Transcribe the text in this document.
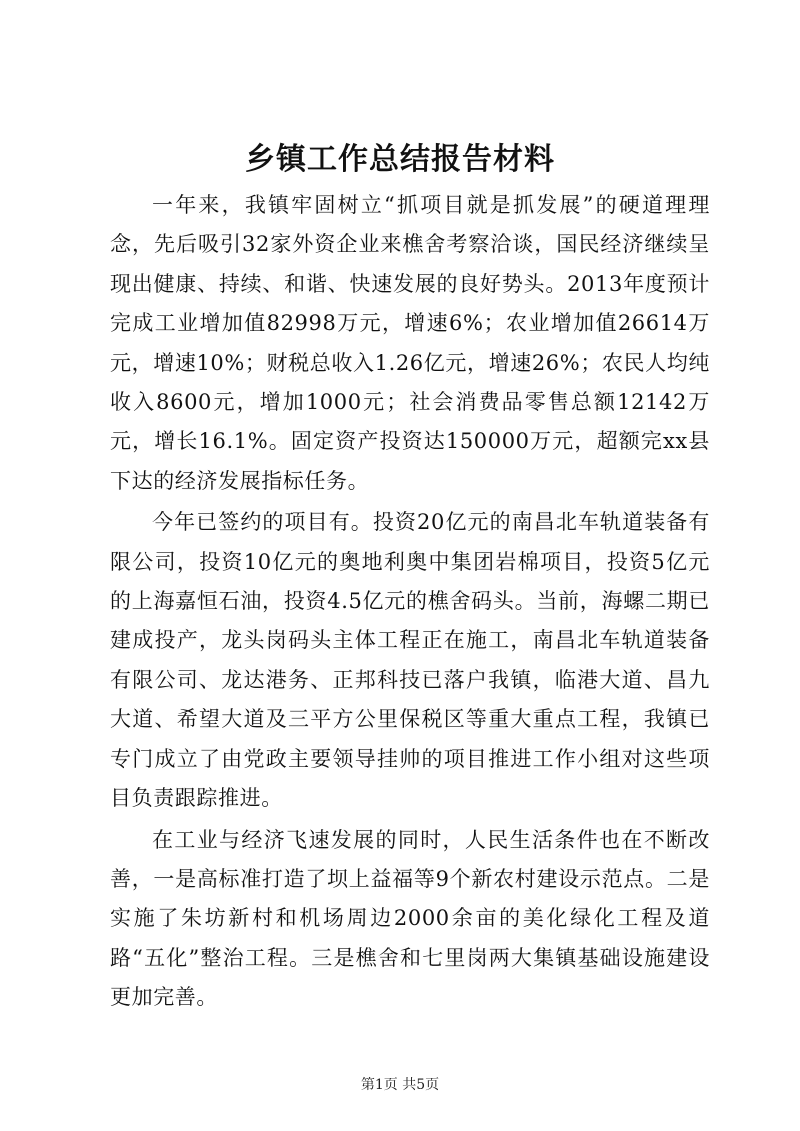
乡镇工作总结报告材料

一年来，我镇牢固树立“抓项目就是抓发展”的硬道理理念，先后吸引32家外资企业来樵舍考察洽谈，国民经济继续呈现出健康、持续、和谐、快速发展的良好势头。2013年度预计完成工业增加值82998万元，增速6%；农业增加值26614万元，增速10%；财税总收入1.26亿元，增速26%；农民人均纯收入8600元，增加1000元；社会消费品零售总额12142万元，增长16.1%。固定资产投资达150000万元，超额完xx县下达的经济发展指标任务。

今年已签约的项目有。投资20亿元的南昌北车轨道装备有限公司，投资10亿元的奥地利奥中集团岩棉项目，投资5亿元的上海嘉恒石油，投资4.5亿元的樵舍码头。当前，海螺二期已建成投产，龙头岗码头主体工程正在施工，南昌北车轨道装备有限公司、龙达港务、正邦科技已落户我镇，临港大道、昌九大道、希望大道及三平方公里保税区等重大重点工程，我镇已专门成立了由党政主要领导挂帅的项目推进工作小组对这些项目负责跟踪推进。

在工业与经济飞速发展的同时，人民生活条件也在不断改善，一是高标准打造了坝上益福等9个新农村建设示范点。二是实施了朱坊新村和机场周边2000余亩的美化绿化工程及道路“五化”整治工程。三是樵舍和七里岗两大集镇基础设施建设更加完善。

第1页 共5页
